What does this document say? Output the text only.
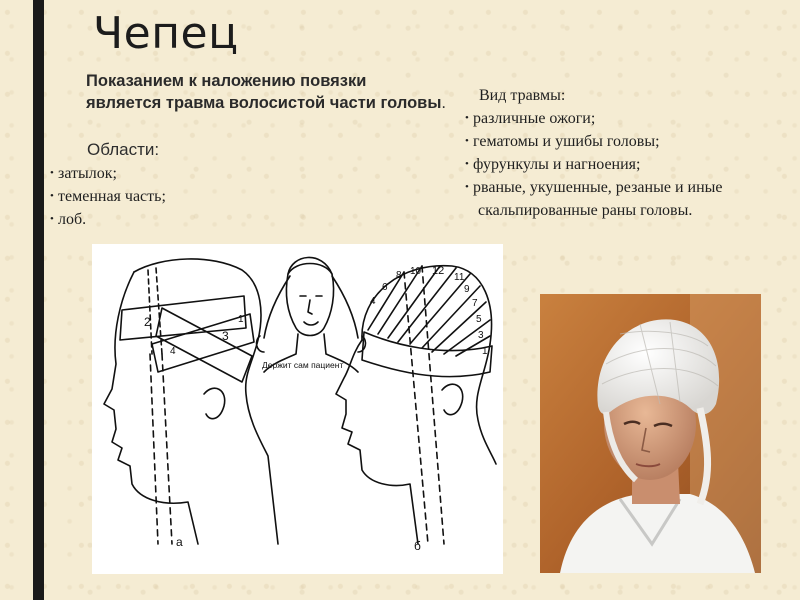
Чепец

Показанием к наложению повязки является травма волосистой части головы.

Области:

• затылок;
• теменная часть;
• лоб.

Вид травмы:

• различные ожоги;
• гематомы и ушибы головы;
• фурункулы и нагноения;
• рваные, укушенные, резаные и иные
скальпированные раны головы.
1
2
3
4
Держит сам пациент
4
6
8 10 12
11
9
7
5
3
1
а	б
